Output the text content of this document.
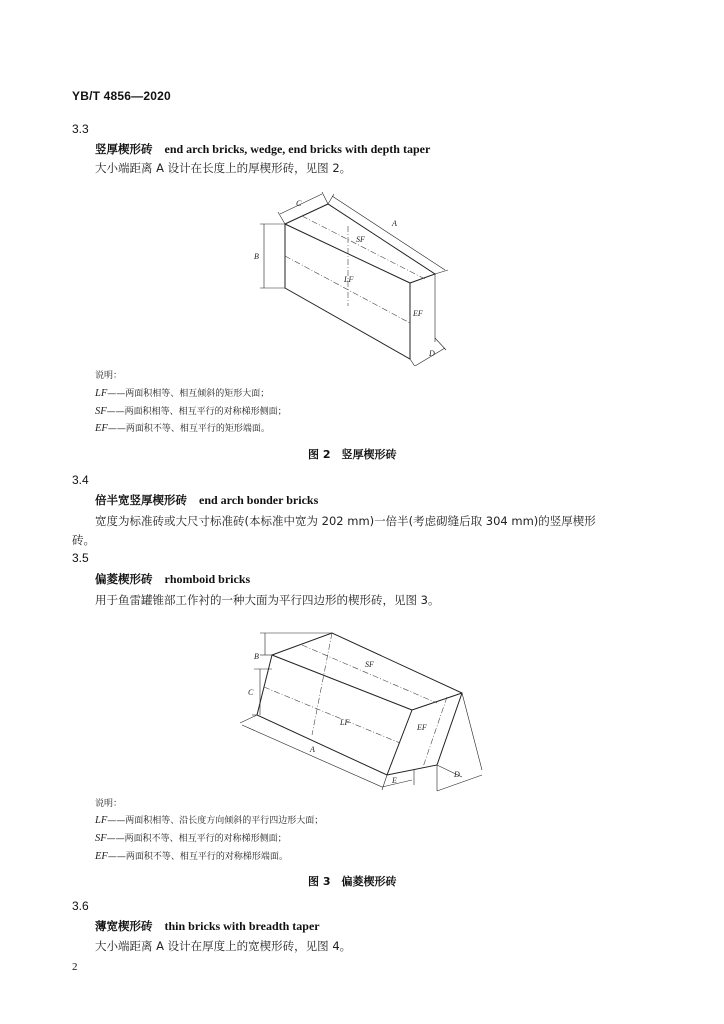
YB/T 4856—2020
3.3
竖厚楔形砖 end arch bricks, wedge, end bricks with depth taper
大小端距离 A 设计在长度上的厚楔形砖，见图 2。
C
A
B
SF
LF
EF
D
说明：
LF——两面积相等、相互倾斜的矩形大面；
SF——两面积相等、相互平行的对称梯形侧面；
EF——两面积不等、相互平行的矩形端面。
图 2　竖厚楔形砖
3.4
倍半宽竖厚楔形砖 end arch bonder bricks
宽度为标准砖或大尺寸标准砖(本标准中宽为 202 mm)一倍半(考虑砌缝后取 304 mm)的竖厚楔形
砖。
3.5
偏菱楔形砖 rhomboid bricks
用于鱼雷罐锥部工作衬的一种大面为平行四边形的楔形砖，见图 3。
B
C
SF
LF
EF
A
E
D
说明：
LF——两面积相等、沿长度方向倾斜的平行四边形大面；
SF——两面积不等、相互平行的对称梯形侧面；
EF——两面积不等、相互平行的对称梯形端面。
图 3　偏菱楔形砖
3.6
薄宽楔形砖 thin bricks with breadth taper
大小端距离 A 设计在厚度上的宽楔形砖，见图 4。
2
